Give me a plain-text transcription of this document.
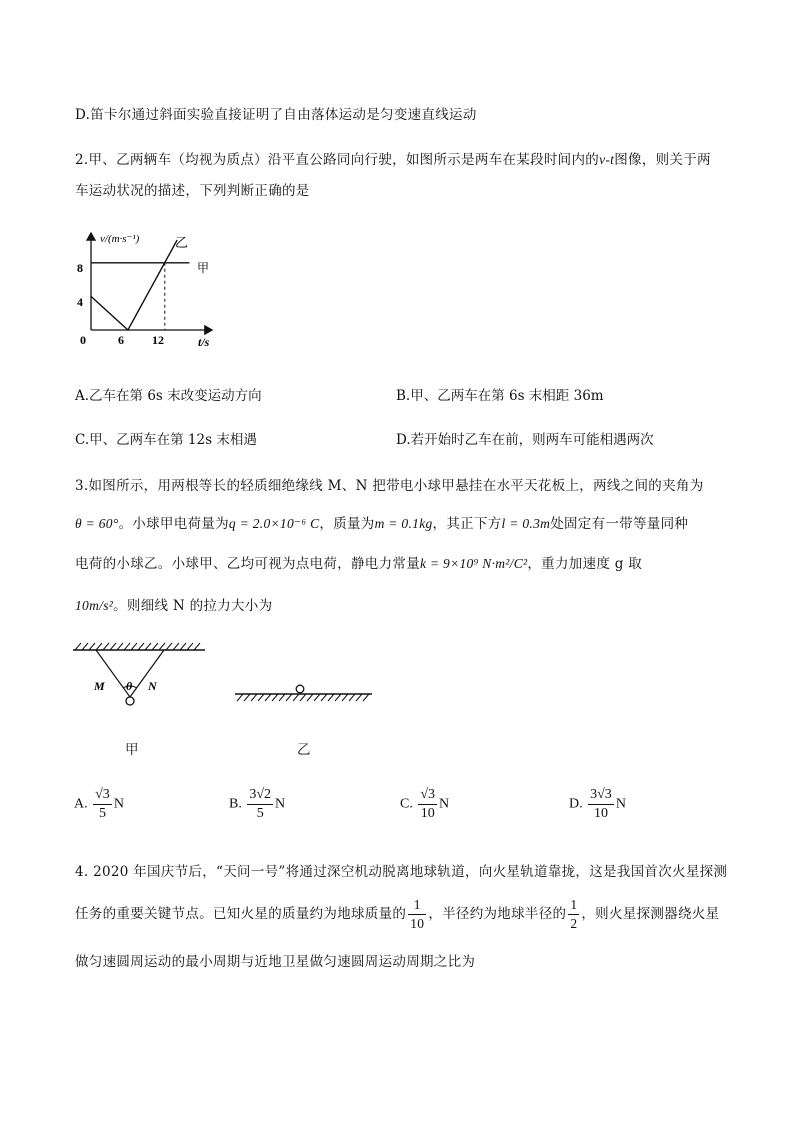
D.笛卡尔通过斜面实验直接证明了自由落体运动是匀变速直线运动
2.甲、乙两辆车（均视为质点）沿平直公路同向行驶，如图所示是两车在某段时间内的v-t图像，则关于两
车运动状况的描述，下列判断正确的是
v/(m·s⁻¹)
t/s
0	6 12
4
8	甲
乙
A.乙车在第 6s 末改变运动方向	B.甲、乙两车在第 6s 末相距 36m
C.甲、乙两车在第 12s 末相遇	D.若开始时乙车在前，则两车可能相遇两次
3.如图所示，用两根等长的轻质细绝缘线 M、N 把带电小球甲悬挂在水平天花板上，两线之间的夹角为
θ = 60°。小球甲电荷量为q = 2.0×10⁻⁶ C，质量为m = 0.1kg，其正下方l = 0.3m处固定有一带等量同种
电荷的小球乙。小球甲、乙均可视为点电荷，静电力常量k = 9×10⁹ N·m²/C²，重力加速度 g 取
10m/s²。则细线 N 的拉力大小为
M θ N
甲	乙
A. $\frac{√3}{5}$ N	B. $\frac{3√2}{5}$ N	C. $\frac{√3}{10}$ N	D. $\frac{3√3}{10}$ N
4. 2020 年国庆节后，“天问一号”将通过深空机动脱离地球轨道，向火星轨道靠拢，这是我国首次火星探测
任务的重要关键节点。已知火星的质量约为地球质量的 $\frac{1}{10}$ ，半径约为地球半径的 $\frac{1}{2}$ ，则火星探测器绕火星
做匀速圆周运动的最小周期与近地卫星做匀速圆周运动周期之比为
